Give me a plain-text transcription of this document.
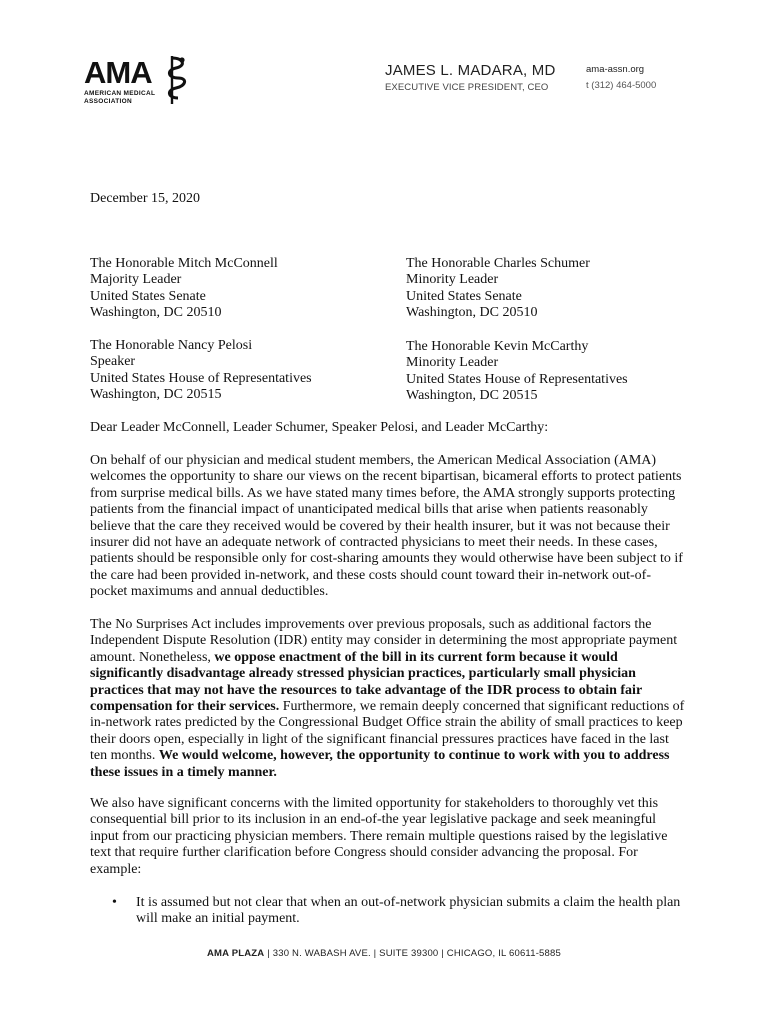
AMA
AMERICAN MEDICAL
ASSOCIATION
JAMES L. MADARA, MD
EXECUTIVE VICE PRESIDENT, CEO
ama-assn.org
t (312) 464-5000
December 15, 2020
The Honorable Mitch McConnell
Majority Leader
United States Senate
Washington, DC 20510
The Honorable Charles Schumer
Minority Leader
United States Senate
Washington, DC 20510
The Honorable Nancy Pelosi
Speaker
United States House of Representatives
Washington, DC 20515
The Honorable Kevin McCarthy
Minority Leader
United States House of Representatives
Washington, DC 20515
Dear Leader McConnell, Leader Schumer, Speaker Pelosi, and Leader McCarthy:
On behalf of our physician and medical student members, the American Medical Association (AMA)
welcomes the opportunity to share our views on the recent bipartisan, bicameral efforts to protect patients
from surprise medical bills. As we have stated many times before, the AMA strongly supports protecting
patients from the financial impact of unanticipated medical bills that arise when patients reasonably
believe that the care they received would be covered by their health insurer, but it was not because their
insurer did not have an adequate network of contracted physicians to meet their needs. In these cases,
patients should be responsible only for cost-sharing amounts they would otherwise have been subject to if
the care had been provided in-network, and these costs should count toward their in-network out-of-
pocket maximums and annual deductibles.
The No Surprises Act includes improvements over previous proposals, such as additional factors the
Independent Dispute Resolution (IDR) entity may consider in determining the most appropriate payment
amount. Nonetheless, we oppose enactment of the bill in its current form because it would
significantly disadvantage already stressed physician practices, particularly small physician
practices that may not have the resources to take advantage of the IDR process to obtain fair
compensation for their services. Furthermore, we remain deeply concerned that significant reductions of
in-network rates predicted by the Congressional Budget Office strain the ability of small practices to keep
their doors open, especially in light of the significant financial pressures practices have faced in the last
ten months. We would welcome, however, the opportunity to continue to work with you to address
these issues in a timely manner.
We also have significant concerns with the limited opportunity for stakeholders to thoroughly vet this
consequential bill prior to its inclusion in an end-of-the year legislative package and seek meaningful
input from our practicing physician members. There remain multiple questions raised by the legislative
text that require further clarification before Congress should consider advancing the proposal. For
example:
• It is assumed but not clear that when an out-of-network physician submits a claim the health plan
will make an initial payment.
AMA PLAZA | 330 N. WABASH AVE. | SUITE 39300 | CHICAGO, IL 60611-5885
